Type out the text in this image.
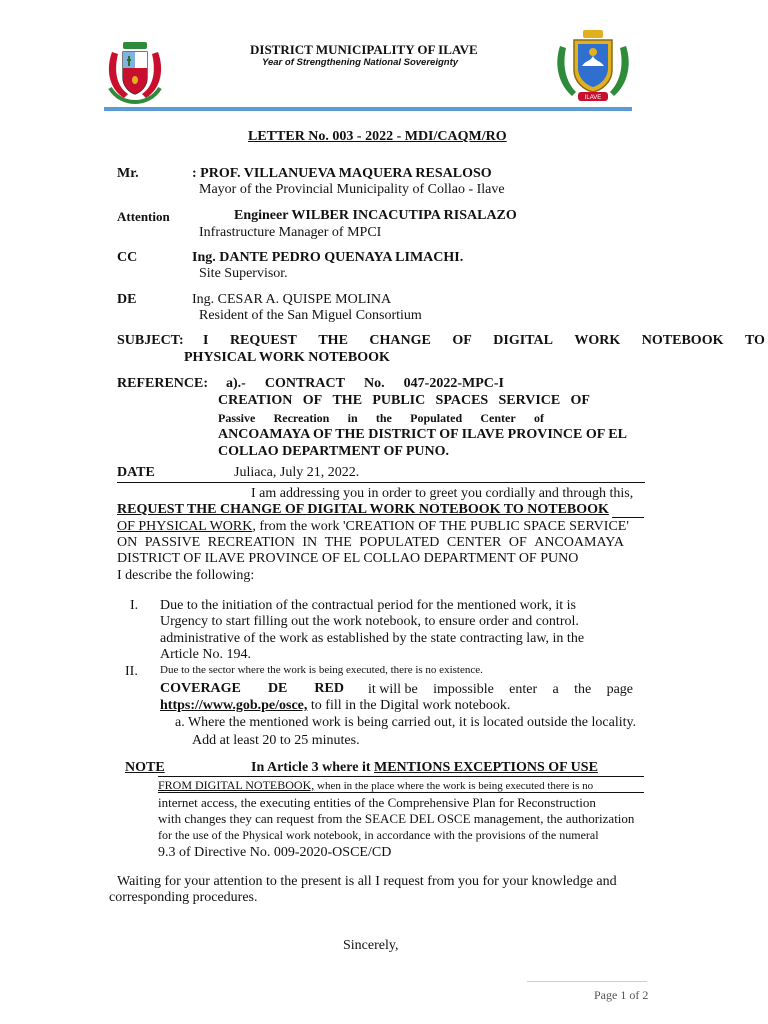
DISTRICT MUNICIPALITY OF ILAVE
Year of Strengthening National Sovereignty
ILAVE
LETTER No. 003 - 2022 - MDI/CAQM/RO
Mr.	: PROF. VILLANUEVA MAQUERA RESALOSO
Mayor of the Provincial Municipality of Collao - Ilave
Attention	Engineer WILBER INCACUTIPA RISALAZO
Infrastructure Manager of MPCI
CC	Ing. DANTE PEDRO QUENAYA LIMACHI.
Site Supervisor.
DE	Ing. CESAR A. QUISPE MOLINA
Resident of the San Miguel Consortium
SUBJECT: I REQUEST THE CHANGE OF DIGITAL WORK NOTEBOOK TO
PHYSICAL WORK NOTEBOOK
REFERENCE: a).- CONTRACT No. 047-2022-MPC-I
CREATION OF THE PUBLIC SPACES SERVICE OF
Passive Recreation in the Populated Center of
ANCOAMAYA OF THE DISTRICT OF ILAVE PROVINCE OF EL
COLLAO DEPARTMENT OF PUNO.
DATE	Juliaca, July 21, 2022.
I am addressing you in order to greet you cordially and through this,
REQUEST THE CHANGE OF DIGITAL WORK NOTEBOOK TO NOTEBOOK
OF PHYSICAL WORK, from the work 'CREATION OF THE PUBLIC SPACE SERVICE'
ON PASSIVE RECREATION IN THE POPULATED CENTER OF ANCOAMAYA
DISTRICT OF ILAVE PROVINCE OF EL COLLAO DEPARTMENT OF PUNO
I describe the following:
I. Due to the initiation of the contractual period for the mentioned work, it is
Urgency to start filling out the work notebook, to ensure order and control.
administrative of the work as established by the state contracting law, in the
Article No. 194.
II. Due to the sector where the work is being executed, there is no existence.
COVERAGE DE RED it will be impossible enter a the page
https://www.gob.pe/osce, to fill in the Digital work notebook.
a. Where the mentioned work is being carried out, it is located outside the locality.
Add at least 20 to 25 minutes.
NOTE	In Article 3 where it MENTIONS EXCEPTIONS OF USE
FROM DIGITAL NOTEBOOK, when in the place where the work is being executed there is no
internet access, the executing entities of the Comprehensive Plan for Reconstruction
with changes they can request from the SEACE DEL OSCE management, the authorization
for the use of the Physical work notebook, in accordance with the provisions of the numeral
9.3 of Directive No. 009-2020-OSCE/CD
Waiting for your attention to the present is all I request from you for your knowledge and
corresponding procedures.
Sincerely,
Page 1 of 2
